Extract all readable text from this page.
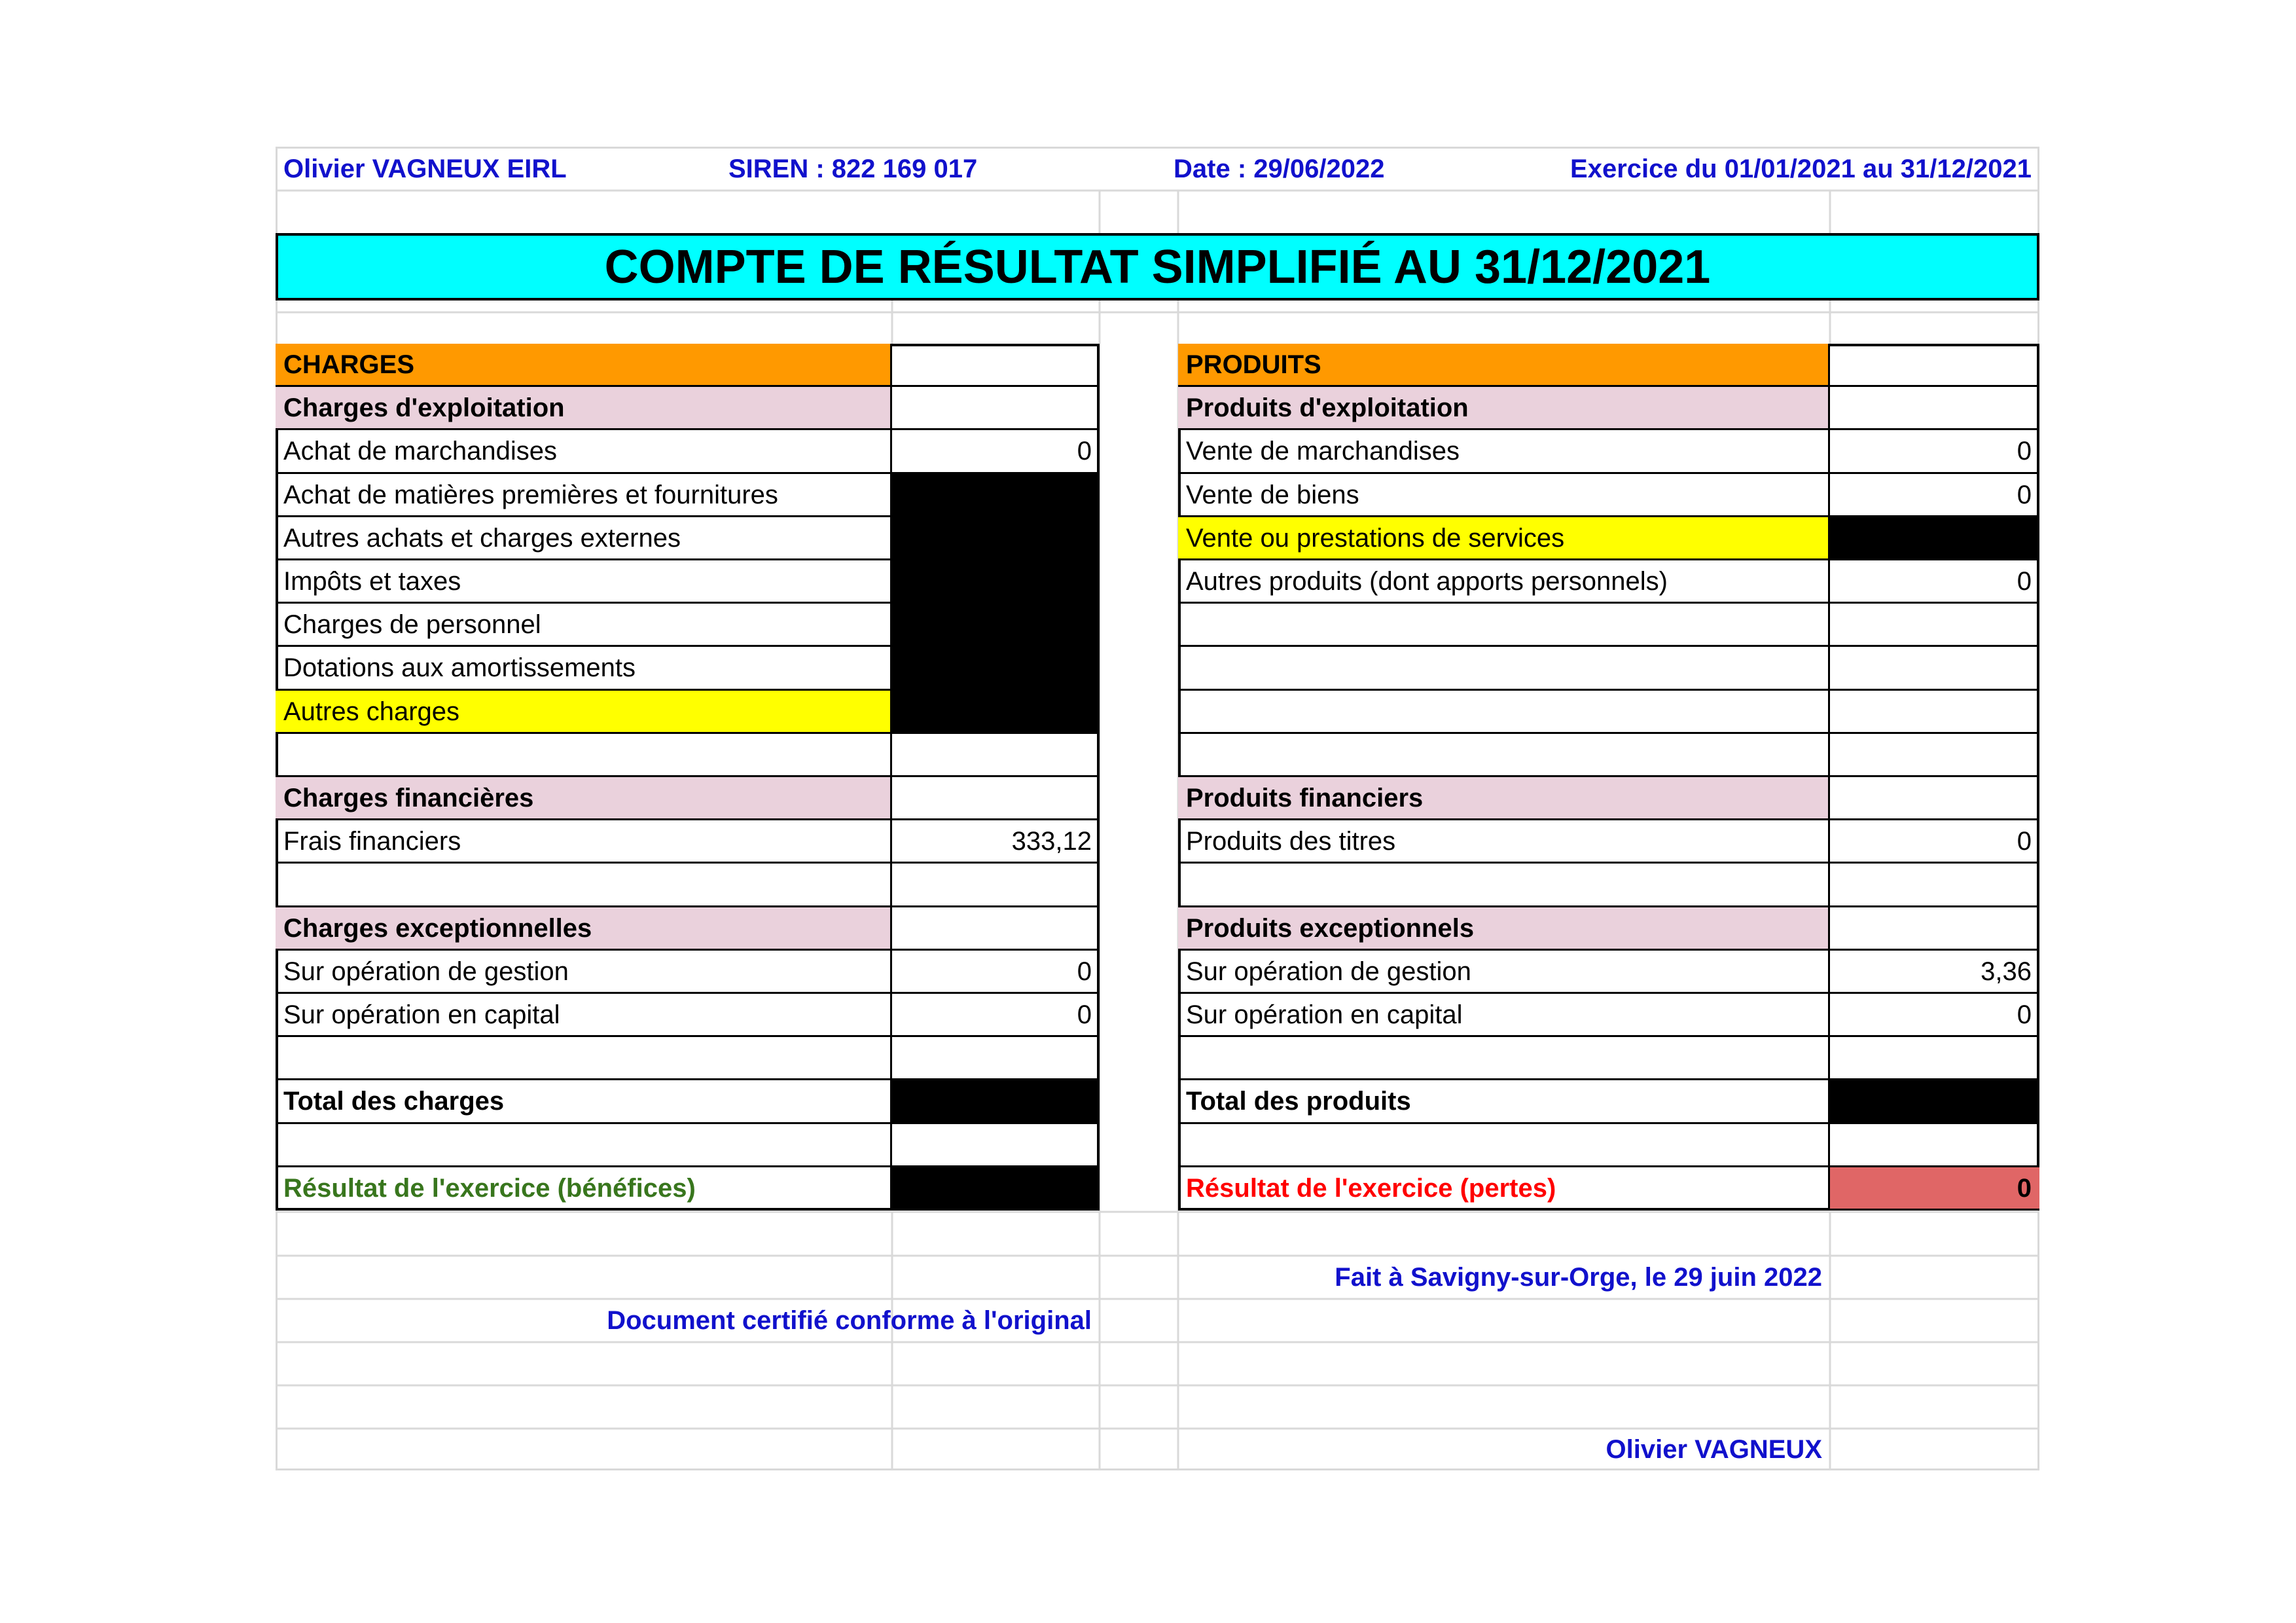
Olivier VAGNEUX EIRL	SIREN : 822 169 017	Date : 29/06/2022	Exercice du 01/01/2021 au 31/12/2021
COMPTE DE RÉSULTAT SIMPLIFIÉ AU 31/12/2021
CHARGES
Charges d'exploitation
Achat de marchandises	0
Achat de matières premières et fournitures
Autres achats et charges externes
Impôts et taxes
Charges de personnel
Dotations aux amortissements
Autres charges
Charges financières
Frais financiers	333,12
Charges exceptionnelles
Sur opération de gestion	0
Sur opération en capital	0
Total des charges
Résultat de l'exercice (bénéfices)
PRODUITS
Produits d'exploitation
Vente de marchandises	0
Vente de biens	0
Vente ou prestations de services
Autres produits (dont apports personnels)	0
Produits financiers
Produits des titres	0
Produits exceptionnels
Sur opération de gestion	3,36
Sur opération en capital	0
Total des produits
Résultat de l'exercice (pertes)	0
Fait à Savigny-sur-Orge, le 29 juin 2022
Document certifié conforme à l'original
Olivier VAGNEUX
